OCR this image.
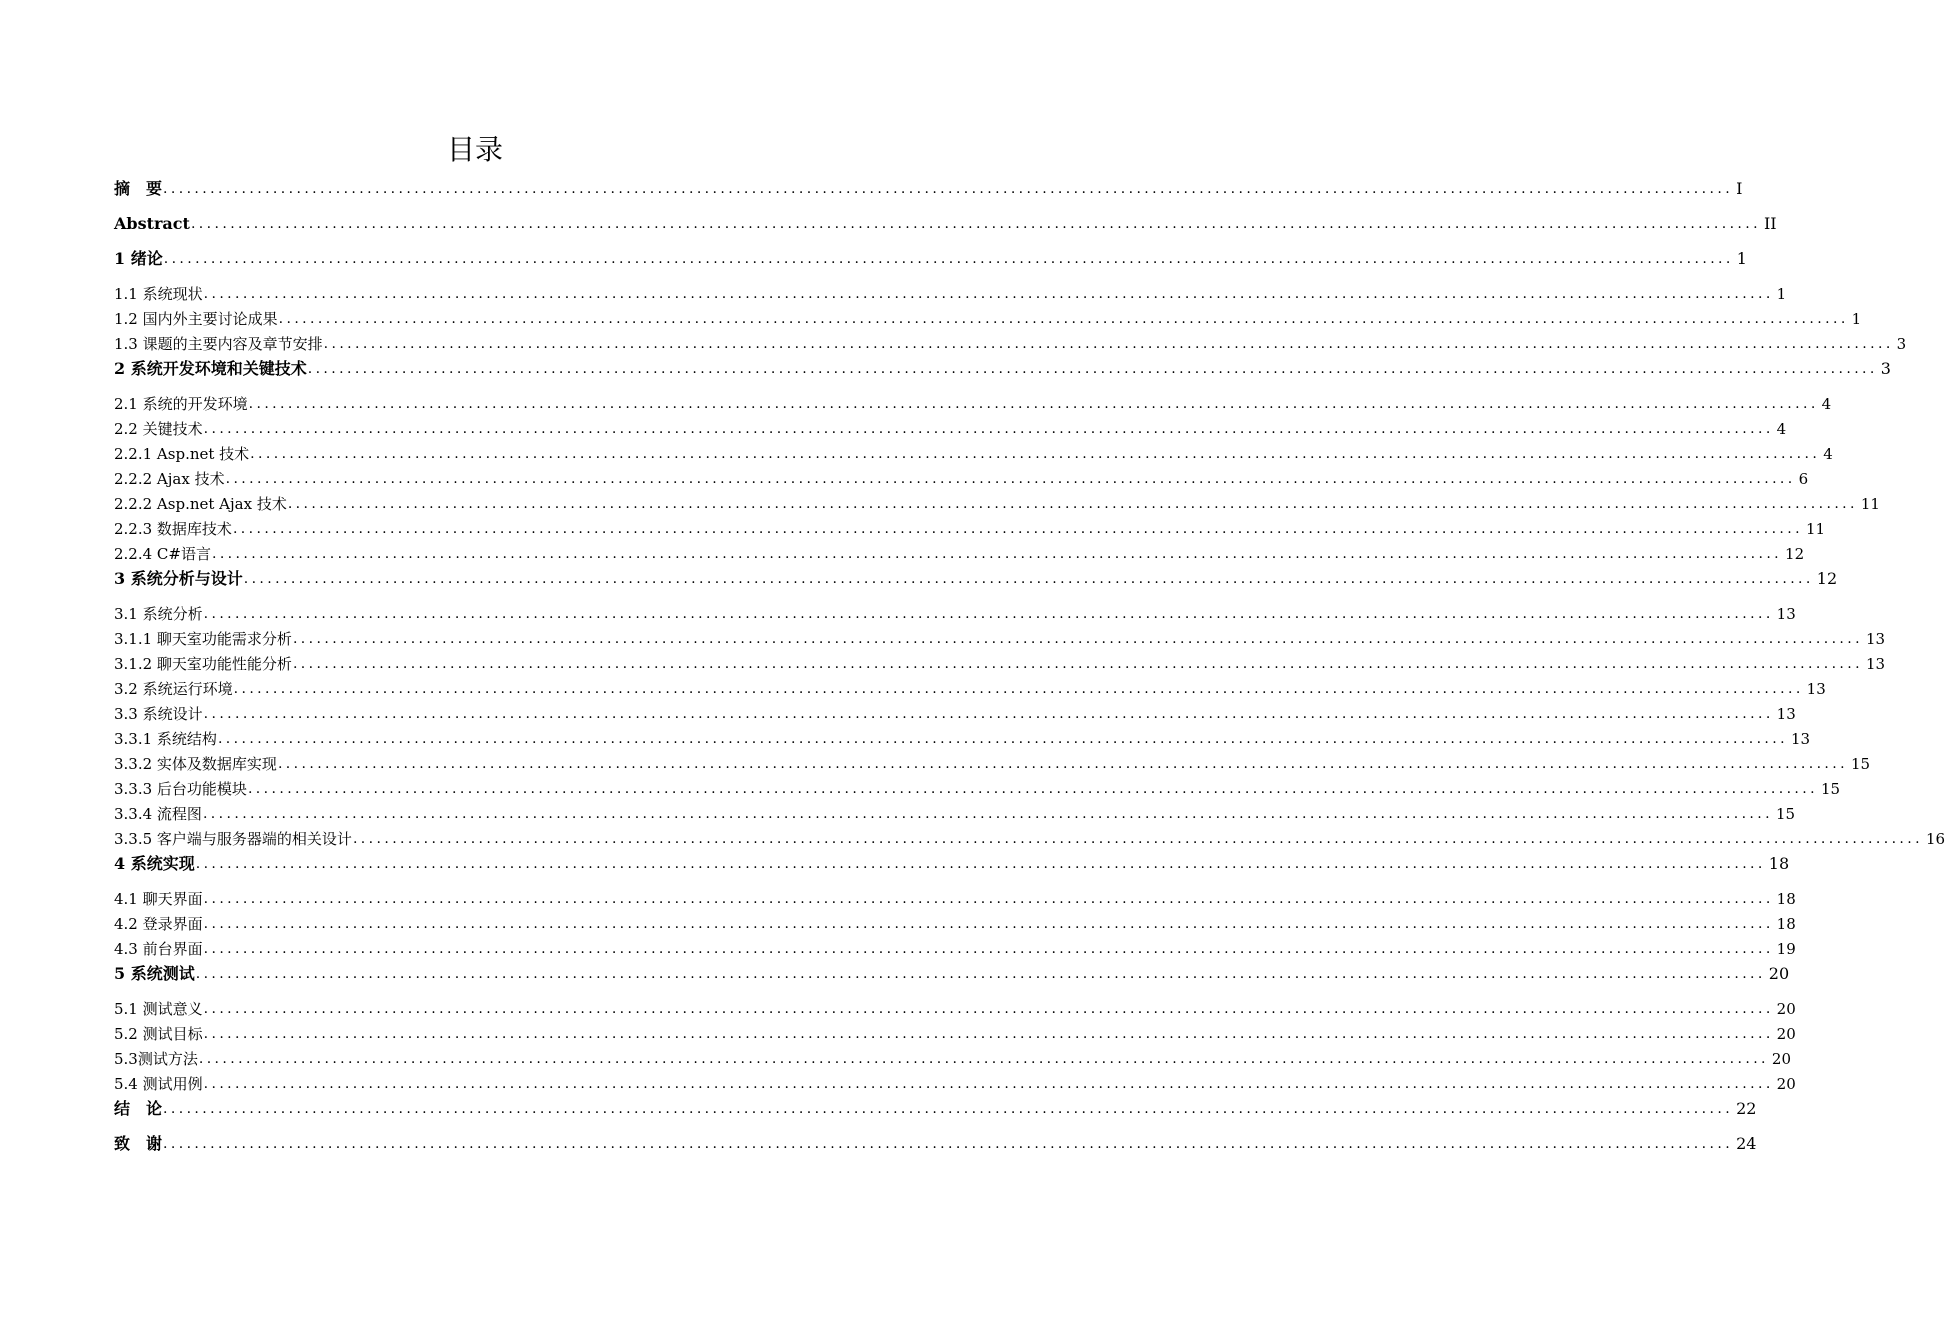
目录
摘　要 ........................................................................................................................................................................................................ I
Abstract ........................................................................................................................................................................................................ II
1 绪论 ........................................................................................................................................................................................................ 1
1.1 系统现状 ........................................................................................................................................................................................................ 1
1.2 国内外主要讨论成果 ........................................................................................................................................................................................................ 1
1.3 课题的主要内容及章节安排 ........................................................................................................................................................................................................ 3
2 系统开发环境和关键技术 ........................................................................................................................................................................................................ 3
2.1 系统的开发环境 ........................................................................................................................................................................................................ 4
2.2 关键技术 ........................................................................................................................................................................................................ 4
2.2.1 Asp.net 技术 ........................................................................................................................................................................................................ 4
2.2.2 Ajax 技术 ........................................................................................................................................................................................................ 6
2.2.2 Asp.net Ajax 技术 ........................................................................................................................................................................................................ 11
2.2.3 数据库技术 ........................................................................................................................................................................................................ 11
2.2.4 C#语言 ........................................................................................................................................................................................................ 12
3 系统分析与设计 ........................................................................................................................................................................................................ 12
3.1 系统分析 ........................................................................................................................................................................................................ 13
3.1.1 聊天室功能需求分析 ........................................................................................................................................................................................................ 13
3.1.2 聊天室功能性能分析 ........................................................................................................................................................................................................ 13
3.2 系统运行环境 ........................................................................................................................................................................................................ 13
3.3 系统设计 ........................................................................................................................................................................................................ 13
3.3.1 系统结构 ........................................................................................................................................................................................................ 13
3.3.2 实体及数据库实现 ........................................................................................................................................................................................................ 15
3.3.3 后台功能模块 ........................................................................................................................................................................................................ 15
3.3.4 流程图 ........................................................................................................................................................................................................ 15
3.3.5 客户端与服务器端的相关设计 ........................................................................................................................................................................................................ 16
4 系统实现 ........................................................................................................................................................................................................ 18
4.1 聊天界面 ........................................................................................................................................................................................................ 18
4.2 登录界面 ........................................................................................................................................................................................................ 18
4.3 前台界面 ........................................................................................................................................................................................................ 19
5 系统测试 ........................................................................................................................................................................................................ 20
5.1 测试意义 ........................................................................................................................................................................................................ 20
5.2 测试目标 ........................................................................................................................................................................................................ 20
5.3测试方法 ........................................................................................................................................................................................................ 20
5.4 测试用例 ........................................................................................................................................................................................................ 20
结　论 ........................................................................................................................................................................................................ 22
致　谢 ........................................................................................................................................................................................................ 24
